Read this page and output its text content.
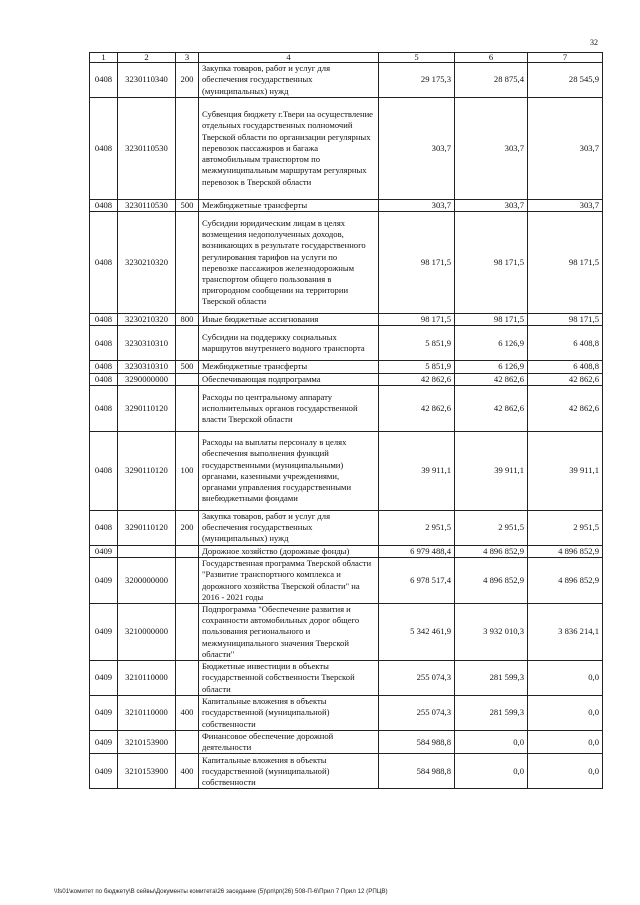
32
1	2	3	4	5	6	7
0408	3230110340	200	Закупка товаров, работ и услуг для обеспечения государственных (муниципальных) нужд	29 175,3	28 875,4	28 545,9
0408	3230110530		Субвенция бюджету г.Твери на осуществление отдельных государственных полномочий Тверской области по организации регулярных перевозок пассажиров и багажа автомобильным транспортом по межмуниципальным маршрутам регулярных перевозок в Тверской области	303,7	303,7	303,7
0408	3230110530	500	Межбюджетные трансферты	303,7	303,7	303,7
0408	3230210320		Субсидии юридическим лицам в целях возмещения недополученных доходов, возникающих в результате государственного регулирования тарифов на услуги по перевозке пассажиров железнодорожным транспортом общего пользования в пригородном сообщении на территории Тверской области	98 171,5	98 171,5	98 171,5
0408	3230210320	800	Иные бюджетные ассигнования	98 171,5	98 171,5	98 171,5
0408	3230310310		Субсидии на поддержку социальных маршрутов внутреннего водного транспорта	5 851,9	6 126,9	6 408,8
0408	3230310310	500	Межбюджетные трансферты	5 851,9	6 126,9	6 408,8
0408	3290000000		Обеспечивающая подпрограмма	42 862,6	42 862,6	42 862,6
0408	3290110120		Расходы по центральному аппарату исполнительных органов государственной власти Тверской области	42 862,6	42 862,6	42 862,6
0408	3290110120	100	Расходы на выплаты персоналу в целях обеспечения выполнения функций государственными (муниципальными) органами, казенными учреждениями, органами управления государственными внебюджетными фондами	39 911,1	39 911,1	39 911,1
0408	3290110120	200	Закупка товаров, работ и услуг для обеспечения государственных (муниципальных) нужд	2 951,5	2 951,5	2 951,5
0409			Дорожное хозяйство (дорожные фонды)	6 979 488,4	4 896 852,9	4 896 852,9
0409	3200000000		Государственная программа Тверской области "Развитие транспортного комплекса и дорожного хозяйства Тверской области" на 2016 - 2021 годы	6 978 517,4	4 896 852,9	4 896 852,9
0409	3210000000		Подпрограмма "Обеспечение развития и сохранности автомобильных дорог общего пользования регионального и межмуниципального значения Тверской области"	5 342 461,9	3 932 010,3	3 836 214,1
0409	3210110000		Бюджетные инвестиции в объекты государственной собственности Тверской области	255 074,3	281 599,3	0,0
0409	3210110000	400	Капитальные вложения в объекты государственной (муниципальной) собственности	255 074,3	281 599,3	0,0
0409	3210153900		Финансовое обеспечение дорожной деятельности	584 988,8	0,0	0,0
0409	3210153900	400	Капитальные вложения в объекты государственной (муниципальной) собственности	584 988,8	0,0	0,0
\\fs01\комитет по бюджету\В сейвы\Документы комитета\26 заседание (5)\рп\рп(26) 508-П-6\Прил 7 Прил 12 (РПЦВ)
